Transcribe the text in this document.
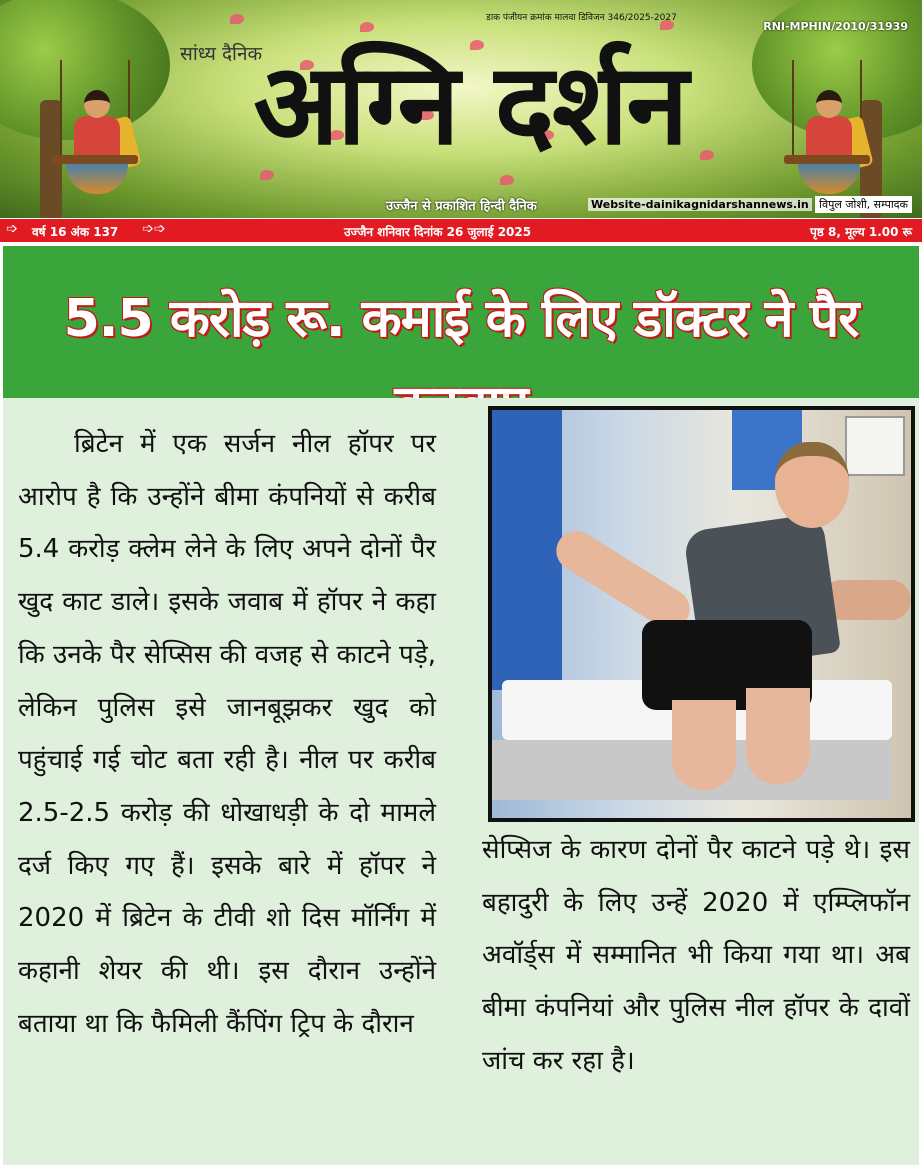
डाक पंजीयन क्रमांक मालवा डिविजन 346/2025-2027
RNI-MPHIN/2010/31939
सांध्य दैनिक
अग्नि दर्शन
उज्जैन से प्रकाशित हिन्दी दैनिक	Website-dainikagnidarshannews.in विपुल जोशी, सम्पादक
➩ वर्ष 16 अंक 137 ➩➩	उज्जैन शनिवार दिनांक 26 जुलाई 2025	पृष्ठ 8, मूल्य 1.00 रू
5.5 करोड़ रू. कमाई के लिए डॉक्टर ने पैर

ब्रिटेन में एक सर्जन नील हॉपर पर आरोप है कि उन्होंने बीमा कंपनियों से करीब 5.4 करोड़ क्लेम लेने के लिए अपने दोनों पैर खुद काट डाले। इसके जवाब में हॉपर ने कहा कि उनके पैर सेप्सिस की वजह से काटने पड़े, लेकिन पुलिस इसे जानबूझकर खुद को पहुंचाई गई चोट बता रही है। नील पर करीब 2.5-2.5 करोड़ की धोखाधड़ी के दो मामले दर्ज किए गए हैं। इसके बारे में हॉपर ने 2020 में ब्रिटेन के टीवी शो दिस मॉर्निंग में कहानी शेयर की थी। इस दौरान उन्होंने बताया था कि फैमिली कैंपिंग ट्रिप के दौरान

सेप्सिज के कारण दोनों पैर काटने पड़े थे। इस बहादुरी के लिए उन्हें 2020 में एम्प्लिफॉन अवॉर्ड्स में सम्मानित भी किया गया था। अब बीमा कंपनियां और पुलिस नील हॉपर के दावों जांच कर रहा है।
